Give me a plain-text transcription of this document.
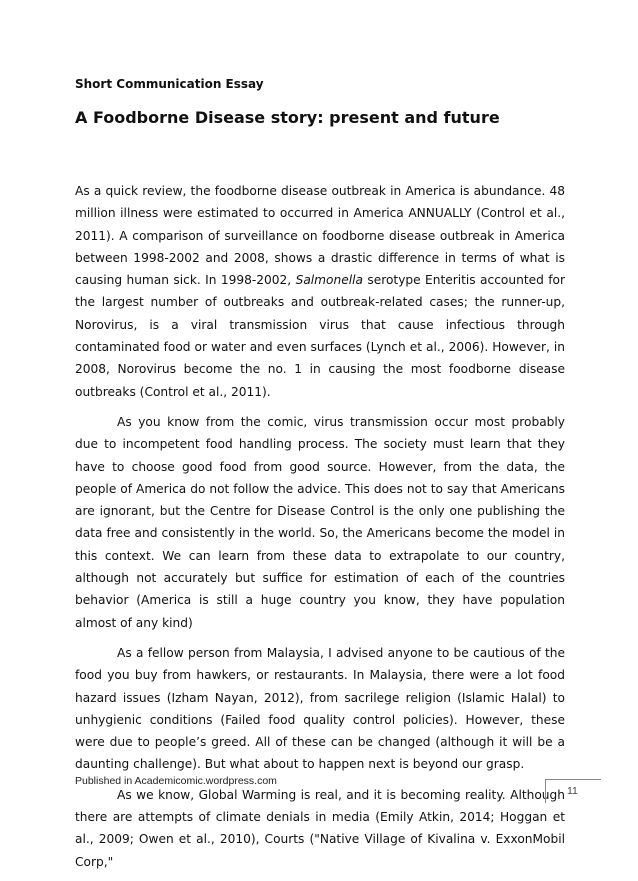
Short Communication Essay
A Foodborne Disease story: present and future

As a quick review, the foodborne disease outbreak in America is abundance. 48 million illness were estimated to occurred in America ANNUALLY (Control et al., 2011). A comparison of surveillance on foodborne disease outbreak in America between 1998-2002 and 2008, shows a drastic difference in terms of what is causing human sick. In 1998-2002, Salmonella serotype Enteritis accounted for the largest number of outbreaks and outbreak-related cases; the runner-up, Norovirus, is a viral transmission virus that cause infectious through contaminated food or water and even surfaces (Lynch et al., 2006). However, in 2008, Norovirus become the no. 1 in causing the most foodborne disease outbreaks (Control et al., 2011).

As you know from the comic, virus transmission occur most probably due to incompetent food handling process. The society must learn that they have to choose good food from good source. However, from the data, the people of America do not follow the advice. This does not to say that Americans are ignorant, but the Centre for Disease Control is the only one publishing the data free and consistently in the world. So, the Americans become the model in this context. We can learn from these data to extrapolate to our country, although not accurately but suffice for estimation of each of the countries behavior (America is still a huge country you know, they have population almost of any kind)

As a fellow person from Malaysia, I advised anyone to be cautious of the food you buy from hawkers, or restaurants. In Malaysia, there were a lot food hazard issues (Izham Nayan, 2012), from sacrilege religion (Islamic Halal) to unhygienic conditions (Failed food quality control policies). However, these were due to people’s greed. All of these can be changed (although it will be a daunting challenge). But what about to happen next is beyond our grasp.

As we know, Global Warming is real, and it is becoming reality. Although there are attempts of climate denials in media (Emily Atkin, 2014; Hoggan et al., 2009; Owen et al., 2010), Courts ("Native Village of Kivalina v. ExxonMobil Corp,"

Published in Academicomic.wordpress.com
11
